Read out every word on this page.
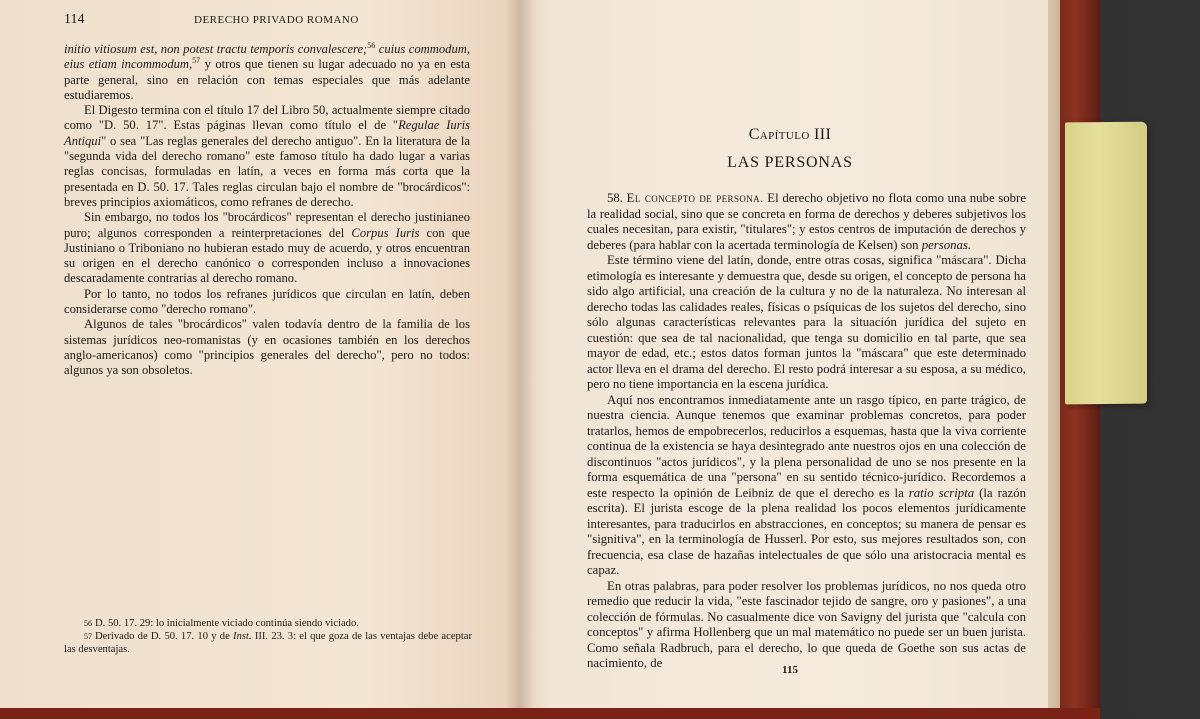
114	DERECHO PRIVADO ROMANO

initio vitiosum est, non potest tractu temporis convalescere;$^{56}$ cuius commodum, eius etiam incommodum,$^{57}$ y otros que tienen su lugar adecuado no ya en esta parte general, sino en relación con temas especiales que más adelante estudiaremos.

El Digesto termina con el título 17 del Libro 50, actualmente siempre citado como "D. 50. 17". Estas páginas llevan como título el de "Regulae Iuris Antiqui" o sea "Las reglas generales del derecho antiguo". En la literatura de la "segunda vida del derecho romano" este famoso título ha dado lugar a varias reglas concisas, formuladas en latín, a veces en forma más corta que la presentada en D. 50. 17. Tales reglas circulan bajo el nombre de "brocárdicos": breves principios axiomáticos, como refranes de derecho.

Sin embargo, no todos los "brocárdicos" representan el derecho justinianeo puro; algunos corresponden a reinterpretaciones del Corpus Iuris con que Justiniano o Triboniano no hubieran estado muy de acuerdo, y otros encuentran su origen en el derecho canónico o corresponden incluso a innovaciones descaradamente contrarias al derecho romano.

Por lo tanto, no todos los refranes jurídicos que circulan en latín, deben considerarse como "derecho romano".

Algunos de tales "brocárdicos" valen todavía dentro de la familia de los sistemas jurídicos neo-romanistas (y en ocasiones también en los derechos anglo-americanos) como "principios generales del derecho", pero no todos: algunos ya son obsoletos.

56 D. 50. 17. 29: lo inicialmente viciado continúa siendo viciado.

57 Derivado de D. 50. 17. 10 y de Inst. III. 23. 3: el que goza de las ventajas debe aceptar las desventajas.

Capítulo III
LAS PERSONAS

58. El concepto de persona. El derecho objetivo no flota como una nube sobre la realidad social, sino que se concreta en forma de derechos y deberes subjetivos los cuales necesitan, para existir, "titulares"; y estos centros de imputación de derechos y deberes (para hablar con la acertada terminología de Kelsen) son personas.

Este término viene del latín, donde, entre otras cosas, significa "máscara". Dicha etimología es interesante y demuestra que, desde su origen, el concepto de persona ha sido algo artificial, una creación de la cultura y no de la naturaleza. No interesan al derecho todas las calidades reales, físicas o psíquicas de los sujetos del derecho, sino sólo algunas características relevantes para la situación jurídica del sujeto en cuestión: que sea de tal nacionalidad, que tenga su domicilio en tal parte, que sea mayor de edad, etc.; estos datos forman juntos la "máscara" que este determinado actor lleva en el drama del derecho. El resto podrá interesar a su esposa, a su médico, pero no tiene importancia en la escena jurídica.

Aquí nos encontramos inmediatamente ante un rasgo típico, en parte trágico, de nuestra ciencia. Aunque tenemos que examinar problemas concretos, para poder tratarlos, hemos de empobrecerlos, reducirlos a esquemas, hasta que la viva corriente continua de la existencia se haya desintegrado ante nuestros ojos en una colección de discontinuos "actos jurídicos", y la plena personalidad de uno se nos presente en la forma esquemática de una "persona" en su sentido técnico-jurídico. Recordemos a este respecto la opinión de Leibniz de que el derecho es la ratio scripta (la razón escrita). El jurista escoge de la plena realidad los pocos elementos jurídicamente interesantes, para traducirlos en abstracciones, en conceptos; su manera de pensar es "signitiva", en la terminología de Husserl. Por esto, sus mejores resultados son, con frecuencia, esa clase de hazañas intelectuales de que sólo una aristocracia mental es capaz.

En otras palabras, para poder resolver los problemas jurídicos, no nos queda otro remedio que reducir la vida, "este fascinador tejido de sangre, oro y pasiones", a una colección de fórmulas. No casualmente dice von Savigny del jurista que "calcula con conceptos" y afirma Hollenberg que un mal matemático no puede ser un buen jurista. Como señala Radbruch, para el derecho, lo que queda de Goethe son sus actas de nacimiento, de	115
